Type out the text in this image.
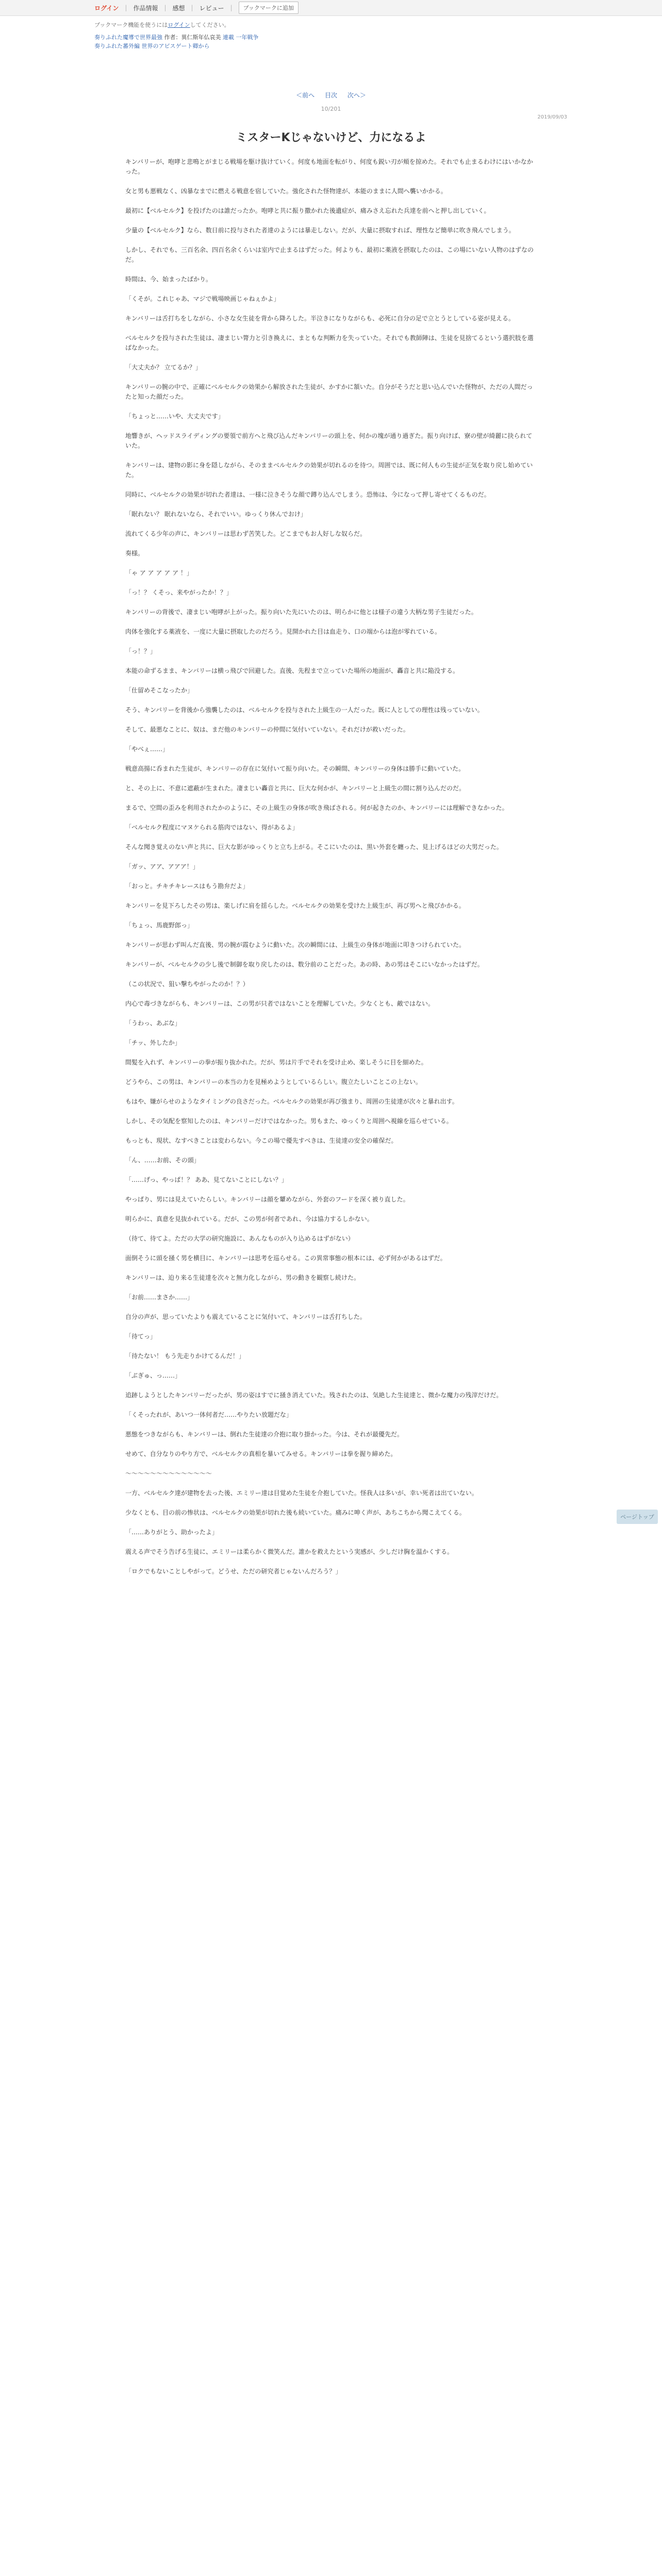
ログイン | 作品情報 | 感想 | レビュー |	ブックマークに追加
ブックマーク機能を使うにはログインしてください。
奏りふれた魔導で世界最強 作者：異仁斯年仏哀美 連載 一年戦争
奏りふれた蕃外編 世界のアビスゲート卿から
＜前へ 目次 次へ＞
10/201
2019/09/03
ミスターKじゃないけど、力になるよ

キンバリーが、咆哮と悲鳴とがまじる戦場を駆け抜けていく。何度も地面を転がり、何度も鋭い刃が頬を掠めた。それでも止まるわけにはいかなかった。

女と男も悪戦なく、凶暴なまでに燃える戦意を宿していた。強化された怪物達が、本能のままに人間へ襲いかかる。

最初に【ベルセルク】を投げたのは誰だったか。咆哮と共に振り撒かれた後遺症が、痛みさえ忘れた兵達を前へと押し出していく。

少量の【ベルセルク】なら、数日前に投与された者達のようには暴走しない。だが、大量に摂取すれば、理性など簡単に吹き飛んでしまう。

しかし、それでも、三百名余、四百名余くらいは室内で止まるはずだった。何よりも、最初に薬液を摂取したのは、この場にいない人物のはずなのだ。

時間は、今、始まったばかり。

「くそが。これじゃあ、マジで戦場映画じゃねぇかよ」

キンバリーは舌打ちをしながら、小さな女生徒を背から降ろした。半泣きになりながらも、必死に自分の足で立とうとしている姿が見える。

ベルセルクを投与された生徒は、凄まじい膂力と引き換えに、まともな判断力を失っていた。それでも教師陣は、生徒を見捨てるという選択肢を選ばなかった。

「大丈夫か？ 立てるか？」

キンバリーの腕の中で、正確にベルセルクの効果から解放された生徒が、かすかに頷いた。自分がそうだと思い込んでいた怪物が、ただの人間だったと知った顔だった。

「ちょっと……いや、大丈夫です」

地響きが、ヘッドスライディングの要領で前方へと飛び込んだキンバリーの頭上を、何かの塊が通り過ぎた。振り向けば、寮の壁が綺麗に抉られていた。

キンバリーは、建物の影に身を隠しながら、そのままベルセルクの効果が切れるのを待つ。周囲では、既に何人もの生徒が正気を取り戻し始めていた。

同時に、ベルセルクの効果が切れた者達は、一様に泣きそうな顔で蹲り込んでしまう。恐怖は、今になって押し寄せてくるものだ。

「眠れない？ 眠れないなら、それでいい。ゆっくり休んでおけ」

流れてくる少年の声に、キンバリーは思わず苦笑した。どこまでもお人好しな奴らだ。

奏様。

「ゃ ア ア ア ア ア ！」

「っ！？ くそっ、来やがったか！？」

キンバリーの背後で、凄まじい咆哮が上がった。振り向いた先にいたのは、明らかに他とは様子の違う大柄な男子生徒だった。

肉体を強化する薬液を、一度に大量に摂取したのだろう。見開かれた目は血走り、口の端からは泡が零れている。

「っ！？」

本能の命ずるまま、キンバリーは横っ飛びで回避した。直後、先程まで立っていた場所の地面が、轟音と共に陥没する。

「仕留めそこなったか」

そう、キンバリーを背後から強襲したのは、ベルセルクを投与された上級生の一人だった。既に人としての理性は残っていない。

そして、最悪なことに、奴は、まだ他のキンバリーの仲間に気付いていない。それだけが救いだった。

「やべぇ……」

戦意高揚に呑まれた生徒が、キンバリーの存在に気付いて振り向いた。その瞬間、キンバリーの身体は勝手に動いていた。

と、その上に、不意に遮蔽が生まれた。凄まじい轟音と共に、巨大な何かが、キンバリーと上級生の間に割り込んだのだ。

まるで、空間の歪みを利用されたかのように、その上級生の身体が吹き飛ばされる。何が起きたのか、キンバリーには理解できなかった。

「ベルセルク程度にマヌケられる筋肉ではない、得があるよ」

そんな聞き覚えのない声と共に、巨大な影がゆっくりと立ち上がる。そこにいたのは、黒い外套を纏った、見上げるほどの大男だった。

「ガッ、アア、アアア！」

「おっと。チキチキレースはもう勘弁だよ」

キンバリーを見下ろしたその男は、楽しげに肩を揺らした。ベルセルクの効果を受けた上級生が、再び男へと飛びかかる。

「ちょっ、馬鹿野郎っ」

キンバリーが思わず叫んだ直後、男の腕が霞むように動いた。次の瞬間には、上級生の身体が地面に叩きつけられていた。

キンバリーが、ベルセルクの少し後で制御を取り戻したのは、数分前のことだった。あの時、あの男はそこにいなかったはずだ。

（この状況で、狙い撃ちやがったのか！？）

内心で毒づきながらも、キンバリーは、この男が只者ではないことを理解していた。少なくとも、敵ではない。

「うわっ、あぶな」

「チッ、外したか」

間髪を入れず、キンバリーの拳が振り抜かれた。だが、男は片手でそれを受け止め、楽しそうに目を細めた。

どうやら、この男は、キンバリーの本当の力を見極めようとしているらしい。腹立たしいことこの上ない。

もはや、嫌がらせのようなタイミングの良さだった。ベルセルクの効果が再び強まり、周囲の生徒達が次々と暴れ出す。

しかし、その気配を察知したのは、キンバリーだけではなかった。男もまた、ゆっくりと周囲へ視線を巡らせている。

もっとも、現状、なすべきことは変わらない。今この場で優先すべきは、生徒達の安全の確保だ。

「ん、……お前、その頭」

「……げっ、やっぱ！？ ああ、見てないことにしない？」

やっぱり、男には見えていたらしい。キンバリーは顔を顰めながら、外套のフードを深く被り直した。

明らかに、真意を見抜かれている。だが、この男が何者であれ、今は協力するしかない。

（待て、待てよ。ただの大学の研究施設に、あんなものが入り込めるはずがない）

面倒そうに頭を掻く男を横目に、キンバリーは思考を巡らせる。この異常事態の根本には、必ず何かがあるはずだ。

キンバリーは、迫り来る生徒達を次々と無力化しながら、男の動きを観察し続けた。

「お前……まさか……」

自分の声が、思っていたよりも震えていることに気付いて、キンバリーは舌打ちした。

「待てっ」

「待たない！ もう先走りかけてるんだ！」

「ぶぎゅ、っ……」

追跡しようとしたキンバリーだったが、男の姿はすでに掻き消えていた。残されたのは、気絶した生徒達と、微かな魔力の残滓だけだ。

「くそったれが、あいつ一体何者だ……やりたい放題だな」

悪態をつきながらも、キンバリーは、倒れた生徒達の介抱に取り掛かった。今は、それが最優先だ。

せめて、自分なりのやり方で、ベルセルクの真相を暴いてみせる。キンバリーは拳を握り締めた。

〜〜〜〜〜〜〜〜〜〜〜〜〜〜

一方、ベルセルク達が建物を去った後、エミリー達は目覚めた生徒を介抱していた。怪我人は多いが、幸い死者は出ていない。

少なくとも、目の前の惨状は、ベルセルクの効果が切れた後も続いていた。痛みに呻く声が、あちこちから聞こえてくる。

「……ありがとう、助かったよ」

震える声でそう告げる生徒に、エミリーは柔らかく微笑んだ。誰かを救えたという実感が、少しだけ胸を温かくする。

「ロクでもないことしやがって。どうせ、ただの研究者じゃないんだろう？」

ページトップ
